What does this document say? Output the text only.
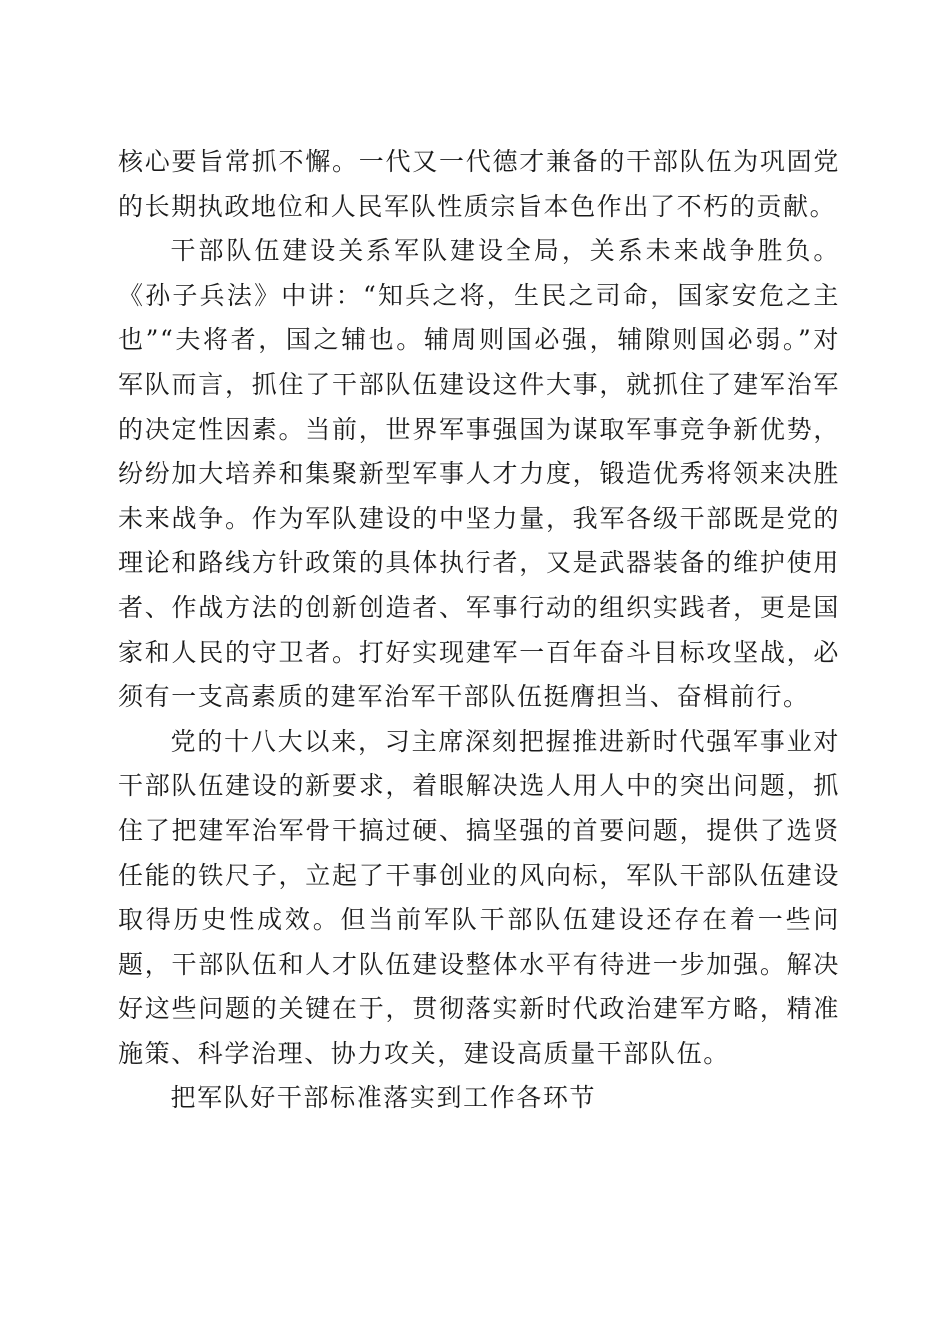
核心要旨常抓不懈。一代又一代德才兼备的干部队伍为巩固党的长期执政地位和人民军队性质宗旨本色作出了不朽的贡献。

干部队伍建设关系军队建设全局，关系未来战争胜负。《孙子兵法》中讲：“知兵之将，生民之司命，国家安危之主也”“夫将者，国之辅也。辅周则国必强，辅隙则国必弱。”对军队而言，抓住了干部队伍建设这件大事，就抓住了建军治军的决定性因素。当前，世界军事强国为谋取军事竞争新优势，纷纷加大培养和集聚新型军事人才力度，锻造优秀将领来决胜未来战争。作为军队建设的中坚力量，我军各级干部既是党的理论和路线方针政策的具体执行者，又是武器装备的维护使用者、作战方法的创新创造者、军事行动的组织实践者，更是国家和人民的守卫者。打好实现建军一百年奋斗目标攻坚战，必须有一支高素质的建军治军干部队伍挺膺担当、奋楫前行。

党的十八大以来，习主席深刻把握推进新时代强军事业对干部队伍建设的新要求，着眼解决选人用人中的突出问题，抓住了把建军治军骨干搞过硬、搞坚强的首要问题，提供了选贤任能的铁尺子，立起了干事创业的风向标，军队干部队伍建设取得历史性成效。但当前军队干部队伍建设还存在着一些问题，干部队伍和人才队伍建设整体水平有待进一步加强。解决好这些问题的关键在于，贯彻落实新时代政治建军方略，精准施策、科学治理、协力攻关，建设高质量干部队伍。

把军队好干部标准落实到工作各环节
